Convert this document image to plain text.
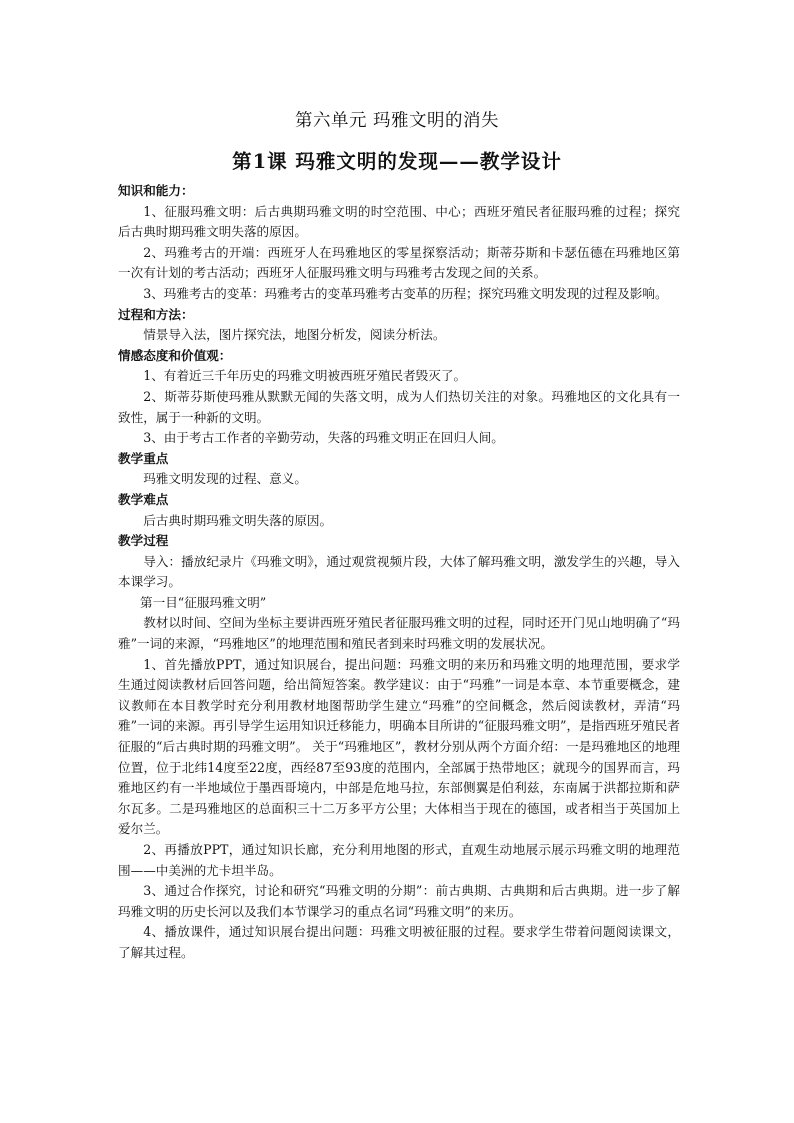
第六单元 玛雅文明的消失
第1课 玛雅文明的发现——教学设计

知识和能力：

1、征服玛雅文明：后古典期玛雅文明的时空范围、中心；西班牙殖民者征服玛雅的过程；探究后古典时期玛雅文明失落的原因。

2、玛雅考古的开端：西班牙人在玛雅地区的零星探察活动；斯蒂芬斯和卡瑟伍德在玛雅地区第一次有计划的考古活动；西班牙人征服玛雅文明与玛雅考古发现之间的关系。

3、玛雅考古的变革：玛雅考古的变革玛雅考古变革的历程；探究玛雅文明发现的过程及影响。

过程和方法：

情景导入法，图片探究法，地图分析发，阅读分析法。

情感态度和价值观：

1、有着近三千年历史的玛雅文明被西班牙殖民者毁灭了。

2、斯蒂芬斯使玛雅从默默无闻的失落文明，成为人们热切关注的对象。玛雅地区的文化具有一致性，属于一种新的文明。

3、由于考古工作者的辛勤劳动，失落的玛雅文明正在回归人间。

教学重点

玛雅文明发现的过程、意义。

教学难点

后古典时期玛雅文明失落的原因。

教学过程

导入：播放纪录片《玛雅文明》，通过观赏视频片段，大体了解玛雅文明，激发学生的兴趣，导入本课学习。

第一目“征服玛雅文明”

教材以时间、空间为坐标主要讲西班牙殖民者征服玛雅文明的过程，同时还开门见山地明确了“玛雅”一词的来源，“玛雅地区”的地理范围和殖民者到来时玛雅文明的发展状况。

1、首先播放PPT，通过知识展台，提出问题：玛雅文明的来历和玛雅文明的地理范围，要求学生通过阅读教材后回答问题，给出简短答案。教学建议：由于“玛雅”一词是本章、本节重要概念，建议教师在本目教学时充分利用教材地图帮助学生建立“玛雅”的空间概念，然后阅读教材，弄清“玛雅”一词的来源。再引导学生运用知识迁移能力，明确本目所讲的“征服玛雅文明”，是指西班牙殖民者征服的“后古典时期的玛雅文明”。 关于“玛雅地区”，教材分别从两个方面介绍：一是玛雅地区的地理位置，位于北纬14度至22度，西经87至93度的范围内，全部属于热带地区；就现今的国界而言，玛雅地区约有一半地域位于墨西哥境内，中部是危地马拉，东部侧翼是伯利兹，东南属于洪都拉斯和萨尔瓦多。二是玛雅地区的总面积三十二万多平方公里；大体相当于现在的德国，或者相当于英国加上爱尔兰。

2、再播放PPT，通过知识长廊，充分利用地图的形式，直观生动地展示展示玛雅文明的地理范围——中美洲的尤卡坦半岛。

3、通过合作探究，讨论和研究“玛雅文明的分期”：前古典期、古典期和后古典期。进一步了解玛雅文明的历史长河以及我们本节课学习的重点名词“玛雅文明”的来历。

4、播放课件，通过知识展台提出问题：玛雅文明被征服的过程。要求学生带着问题阅读课文，了解其过程。
